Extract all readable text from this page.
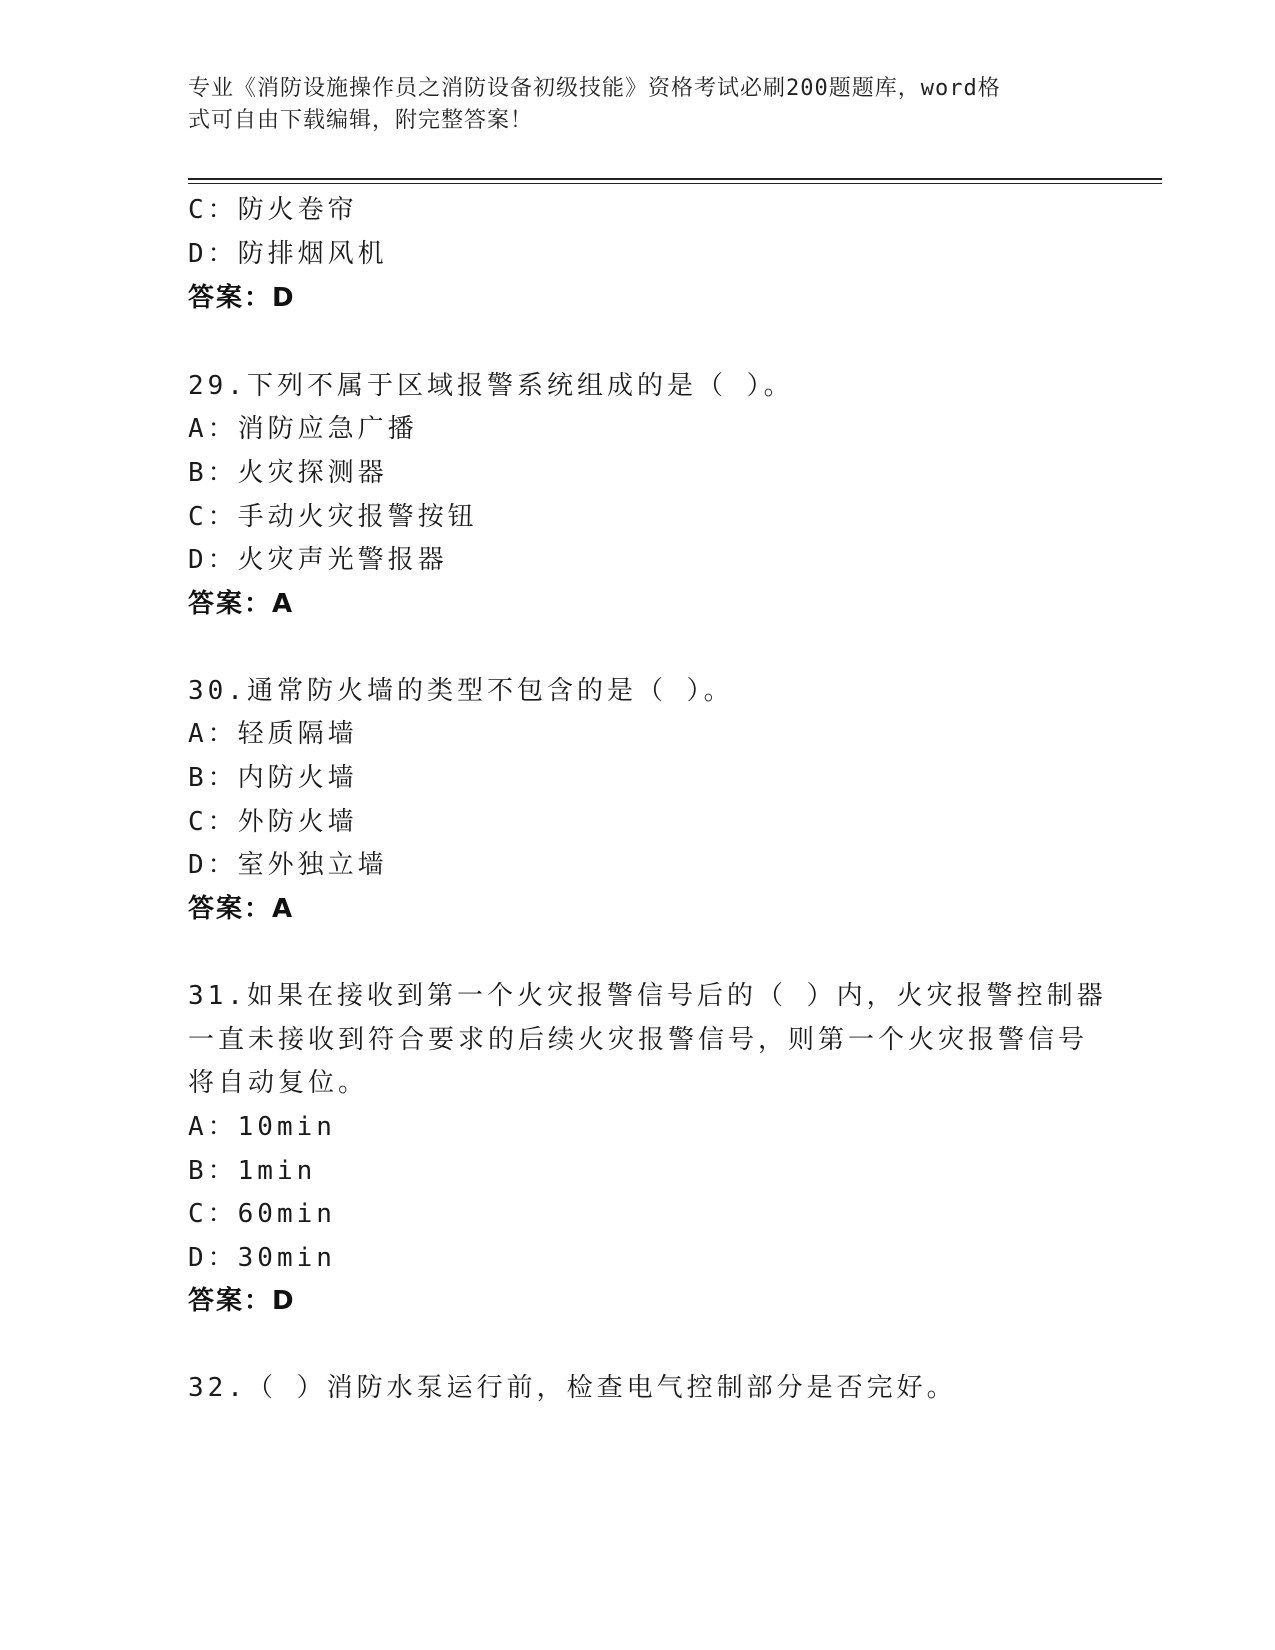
专业《消防设施操作员之消防设备初级技能》资格考试必刷200题题库，word格
式可自由下载编辑，附完整答案！
C：防火卷帘
D：防排烟风机
答案：D
29.下列不属于区域报警系统组成的是（ ）。
A：消防应急广播
B：火灾探测器
C：手动火灾报警按钮
D：火灾声光警报器
答案：A
30.通常防火墙的类型不包含的是（ ）。
A：轻质隔墙
B：内防火墙
C：外防火墙
D：室外独立墙
答案：A
31.如果在接收到第一个火灾报警信号后的（ ）内，火灾报警控制器
一直未接收到符合要求的后续火灾报警信号，则第一个火灾报警信号
将自动复位。
A：10min
B：1min
C：60min
D：30min
答案：D
32.（ ）消防水泵运行前，检查电气控制部分是否完好。
